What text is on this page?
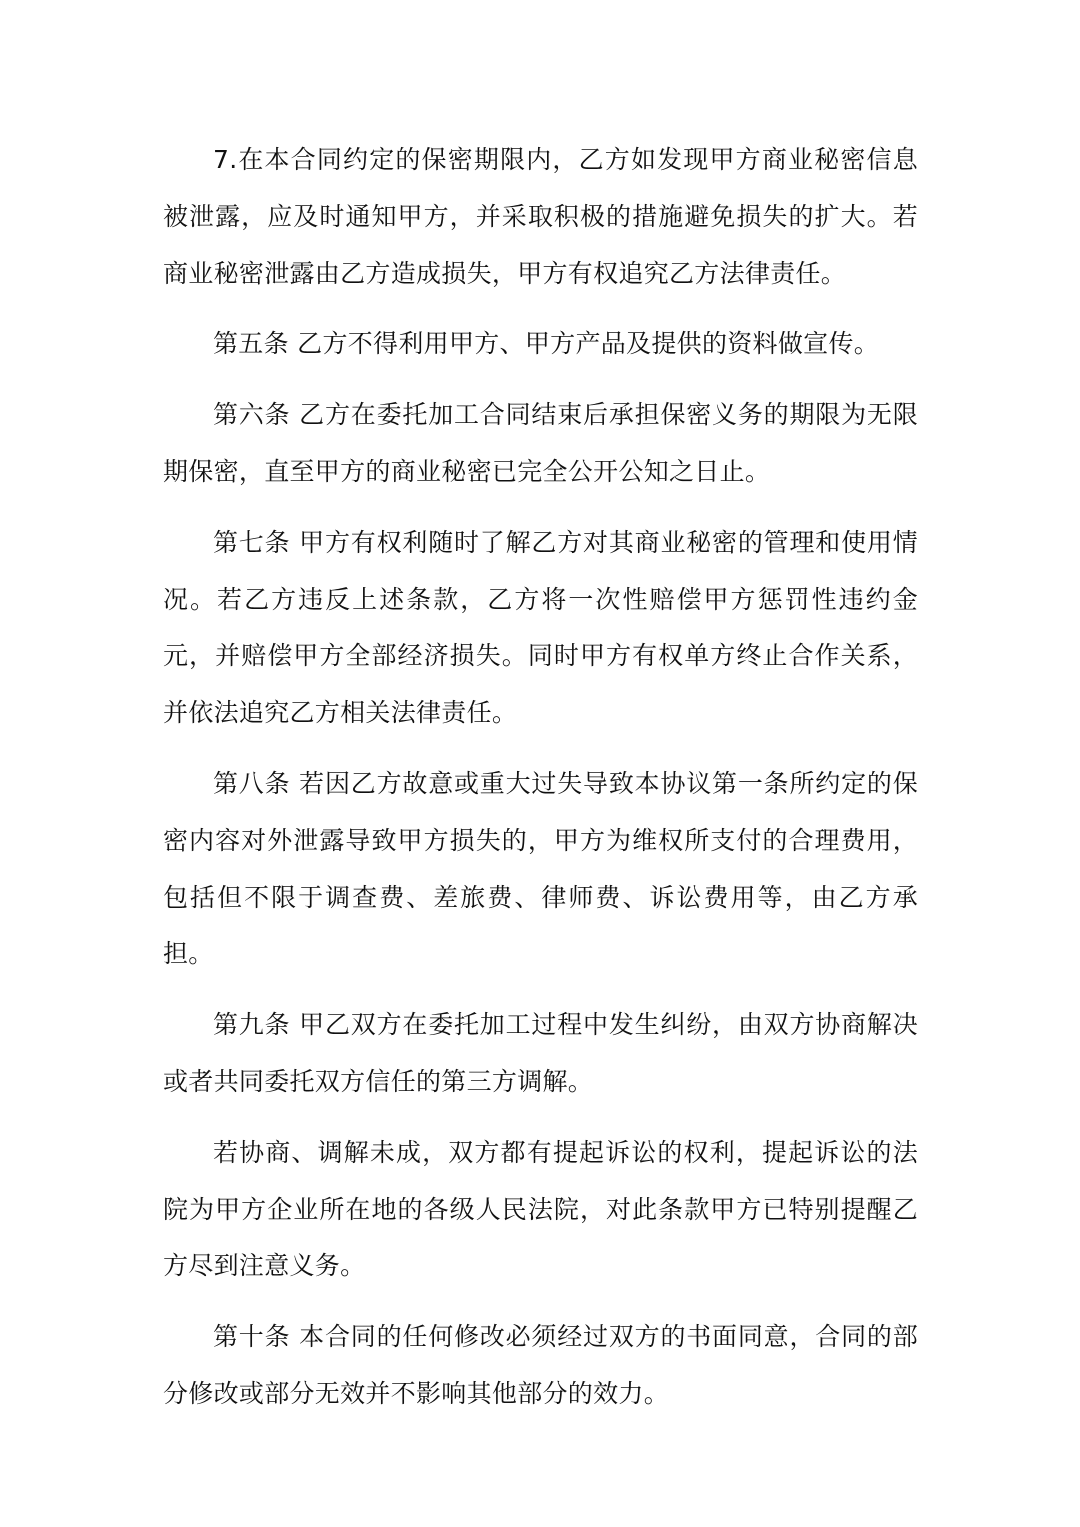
7.在本合同约定的保密期限内，乙方如发现甲方商业秘密信息被泄露，应及时通知甲方，并采取积极的措施避免损失的扩大。若商业秘密泄露由乙方造成损失，甲方有权追究乙方法律责任。

第五条 乙方不得利用甲方、甲方产品及提供的资料做宣传。

第六条 乙方在委托加工合同结束后承担保密义务的期限为无限期保密，直至甲方的商业秘密已完全公开公知之日止。

第七条 甲方有权利随时了解乙方对其商业秘密的管理和使用情况。若乙方违反上述条款，乙方将一次性赔偿甲方惩罚性违约金元，并赔偿甲方全部经济损失。同时甲方有权单方终止合作关系，并依法追究乙方相关法律责任。

第八条 若因乙方故意或重大过失导致本协议第一条所约定的保密内容对外泄露导致甲方损失的，甲方为维权所支付的合理费用，包括但不限于调查费、差旅费、律师费、诉讼费用等，由乙方承担。

第九条 甲乙双方在委托加工过程中发生纠纷，由双方协商解决或者共同委托双方信任的第三方调解。

若协商、调解未成，双方都有提起诉讼的权利，提起诉讼的法院为甲方企业所在地的各级人民法院，对此条款甲方已特别提醒乙方尽到注意义务。

第十条 本合同的任何修改必须经过双方的书面同意，合同的部分修改或部分无效并不影响其他部分的效力。
